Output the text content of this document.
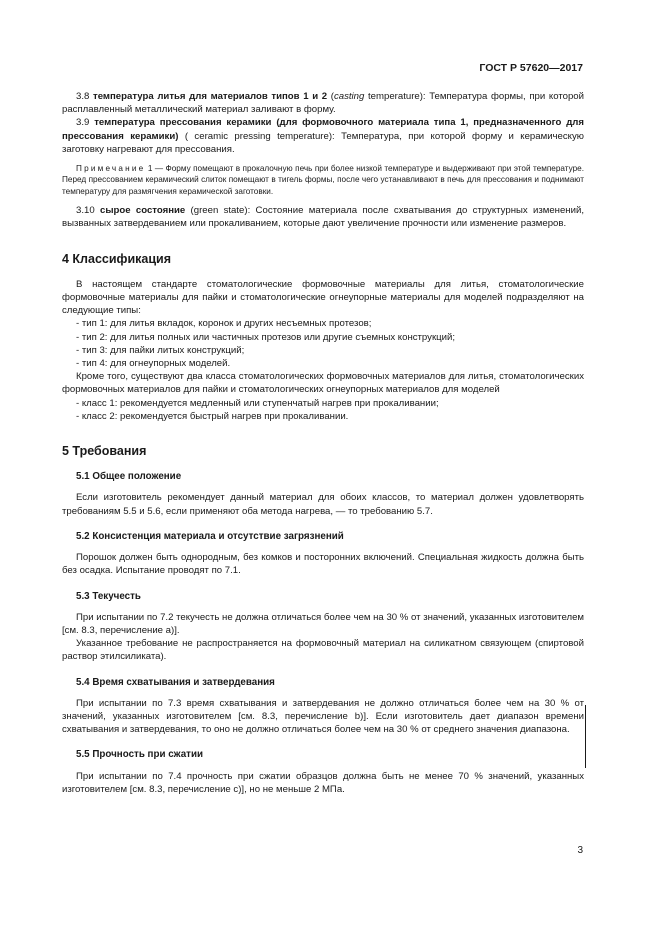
ГОСТ Р 57620—2017

3.8 температура литья для материалов типов 1 и 2 (casting temperature): Температура формы, при которой расплавленный металлический материал заливают в форму.

3.9 температура прессования керамики (для формовочного материала типа 1, предназначенного для прессования керамики) ( ceramic pressing temperature): Температура, при которой форму и керамическую заготовку нагревают для прессования.

Примечание 1 — Форму помещают в прокалочную печь при более низкой температуре и выдерживают при этой температуре. Перед прессованием керамический слиток помещают в тигель формы, после чего устанавливают в печь для прессования и поднимают температуру для размягчения керамической заготовки.

3.10 сырое состояние (green state): Состояние материала после схватывания до структурных изменений, вызванных затвердеванием или прокаливанием, которые дают увеличение прочности или изменение размеров.

4 Классификация

В настоящем стандарте стоматологические формовочные материалы для литья, стоматологические формовочные материалы для пайки и стоматологические огнеупорные материалы для моделей подразделяют на следующие типы:

- тип 1: для литья вкладок, коронок и других несъемных протезов;

- тип 2: для литья полных или частичных протезов или другие съемных конструкций;

- тип 3: для пайки литых конструкций;

- тип 4: для огнеупорных моделей.

Кроме того, существуют два класса стоматологических формовочных материалов для литья, стоматологических формовочных материалов для пайки и стоматологических огнеупорных материалов для моделей

- класс 1: рекомендуется медленный или ступенчатый нагрев при прокаливании;

- класс 2: рекомендуется быстрый нагрев при прокаливании.

5 Требования
5.1 Общее положение

Если изготовитель рекомендует данный материал для обоих классов, то материал должен удовлетворять требованиям 5.5 и 5.6, если применяют оба метода нагрева, — то требованию 5.7.

5.2 Консистенция материала и отсутствие загрязнений

Порошок должен быть однородным, без комков и посторонних включений. Специальная жидкость должна быть без осадка. Испытание проводят по 7.1.

5.3 Текучесть

При испытании по 7.2 текучесть не должна отличаться более чем на 30 % от значений, указанных изготовителем [см. 8.3, перечисление а)].

Указанное требование не распространяется на формовочный материал на силикатном связующем (спиртовой раствор этилсиликата).

5.4 Время схватывания и затвердевания

При испытании по 7.3 время схватывания и затвердевания не должно отличаться более чем на 30 % от значений, указанных изготовителем [см. 8.3, перечисление b)]. Если изготовитель дает диапазон времени схватывания и затвердевания, то оно не должно отличаться более чем на 30 % от среднего значения диапазона.

5.5 Прочность при сжатии

При испытании по 7.4 прочность при сжатии образцов должна быть не менее 70 % значений, указанных изготовителем [см. 8.3, перечисление с)], но не меньше 2 МПа.

3
